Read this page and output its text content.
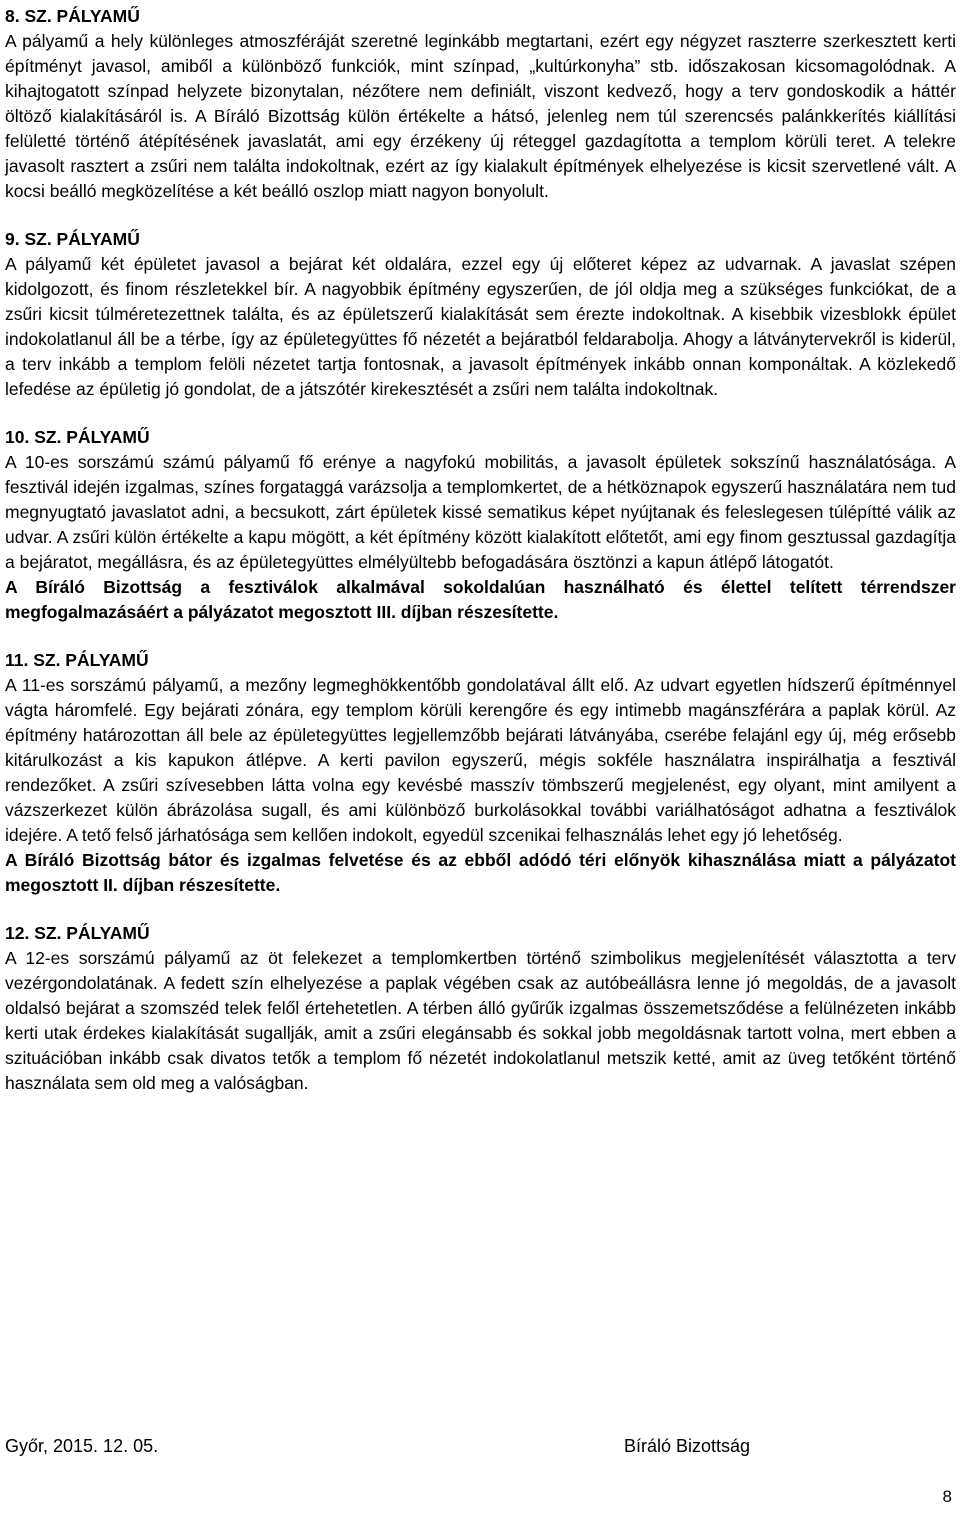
8. SZ. PÁLYAMŰ

A pályamű a hely különleges atmoszféráját szeretné leginkább megtartani, ezért egy négyzet raszterre szerkesztett kerti építményt javasol, amiből a különböző funkciók, mint színpad, „kultúrkonyha” stb. időszakosan kicsomagolódnak. A kihajtogatott színpad helyzete bizonytalan, nézőtere nem definiált, viszont kedvező, hogy a terv gondoskodik a háttér öltöző kialakításáról is. A Bíráló Bizottság külön értékelte a hátsó, jelenleg nem túl szerencsés palánkkerítés kiállítási felületté történő átépítésének javaslatát, ami egy érzékeny új réteggel gazdagította a templom körüli teret. A telekre javasolt rasztert a zsűri nem találta indokoltnak, ezért az így kialakult építmények elhelyezése is kicsit szervetlené vált. A kocsi beálló megközelítése a két beálló oszlop miatt nagyon bonyolult.

9. SZ. PÁLYAMŰ

A pályamű két épületet javasol a bejárat két oldalára, ezzel egy új előteret képez az udvarnak. A javaslat szépen kidolgozott, és finom részletekkel bír. A nagyobbik építmény egyszerűen, de jól oldja meg a szükséges funkciókat, de a zsűri kicsit túlméretezettnek találta, és az épületszerű kialakítását sem érezte indokoltnak. A kisebbik vizesblokk épület indokolatlanul áll be a térbe, így az épületegyüttes fő nézetét a bejáratból feldarabolja. Ahogy a látványtervekről is kiderül, a terv inkább a templom felöli nézetet tartja fontosnak, a javasolt építmények inkább onnan komponáltak. A közlekedő lefedése az épületig jó gondolat, de a játszótér kirekesztését a zsűri nem találta indokoltnak.

10. SZ. PÁLYAMŰ

A 10-es sorszámú számú pályamű fő erénye a nagyfokú mobilitás, a javasolt épületek sokszínű használatósága. A fesztivál idején izgalmas, színes forgataggá varázsolja a templomkertet, de a hétköznapok egyszerű használatára nem tud megnyugtató javaslatot adni, a becsukott, zárt épületek kissé sematikus képet nyújtanak és feleslegesen túlépítté válik az udvar. A zsűri külön értékelte a kapu mögött, a két építmény között kialakított előtetőt, ami egy finom gesztussal gazdagítja a bejáratot, megállásra, és az épületegyüttes elmélyültebb befogadására ösztönzi a kapun átlépő látogatót.

A Bíráló Bizottság a fesztiválok alkalmával sokoldalúan használható és élettel telített térrendszer megfogalmazásáért a pályázatot megosztott III. díjban részesítette.

11. SZ. PÁLYAMŰ

A 11-es sorszámú pályamű, a mezőny legmeghökkentőbb gondolatával állt elő. Az udvart egyetlen hídszerű építménnyel vágta háromfelé. Egy bejárati zónára, egy templom körüli kerengőre és egy intimebb magánszférára a paplak körül. Az építmény határozottan áll bele az épületegyüttes legjellemzőbb bejárati látványába, cserébe felajánl egy új, még erősebb kitárulkozást a kis kapukon átlépve. A kerti pavilon egyszerű, mégis sokféle használatra inspirálhatja a fesztivál rendezőket. A zsűri szívesebben látta volna egy kevésbé masszív tömbszerű megjelenést, egy olyant, mint amilyent a vázszerkezet külön ábrázolása sugall, és ami különböző burkolásokkal további variálhatóságot adhatna a fesztiválok idejére. A tető felső járhatósága sem kellően indokolt, egyedül szcenikai felhasználás lehet egy jó lehetőség.

A Bíráló Bizottság bátor és izgalmas felvetése és az ebből adódó téri előnyök kihasználása miatt a pályázatot megosztott II. díjban részesítette.

12. SZ. PÁLYAMŰ

A 12-es sorszámú pályamű az öt felekezet a templomkertben történő szimbolikus megjelenítését választotta a terv vezérgondolatának. A fedett szín elhelyezése a paplak végében csak az autóbeállásra lenne jó megoldás, de a javasolt oldalsó bejárat a szomszéd telek felől értehetetlen. A térben álló gyűrűk izgalmas összemetsződése a felülnézeten inkább kerti utak érdekes kialakítását sugallják, amit a zsűri elegánsabb és sokkal jobb megoldásnak tartott volna, mert ebben a szituációban inkább csak divatos tetők a templom fő nézetét indokolatlanul metszik ketté, amit az üveg tetőként történő használata sem old meg a valóságban.

Győr, 2015. 12. 05.	Bíráló Bizottság
8
